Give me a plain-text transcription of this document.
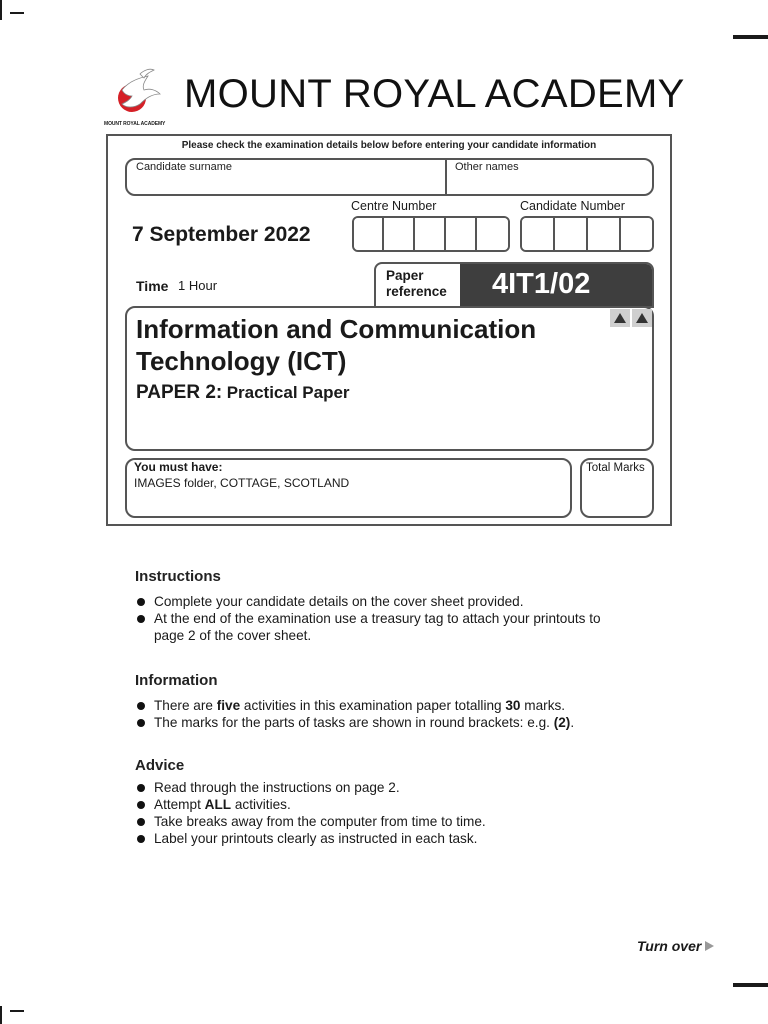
MOUNT ROYAL ACADEMY
MOUNT ROYAL ACADEMY
Please check the examination details below before entering your candidate information
Candidate surname	Other names
Centre Number	Candidate Number
7 September 2022
Time 1 Hour
Paper
reference 4IT1/02
Information and Communication
Technology (ICT)
PAPER 2: Practical Paper
You must have:
IMAGES folder, COTTAGE, SCOTLAND
Total Marks
Instructions
Complete your candidate details on the cover sheet provided.
At the end of the examination use a treasury tag to attach your printouts to page 2 of the cover sheet.
Information
There are five activities in this examination paper totalling 30 marks.
The marks for the parts of tasks are shown in round brackets: e.g. (2).
Advice
Read through the instructions on page 2.
Attempt ALL activities.
Take breaks away from the computer from time to time.
Label your printouts clearly as instructed in each task.
Turn over
